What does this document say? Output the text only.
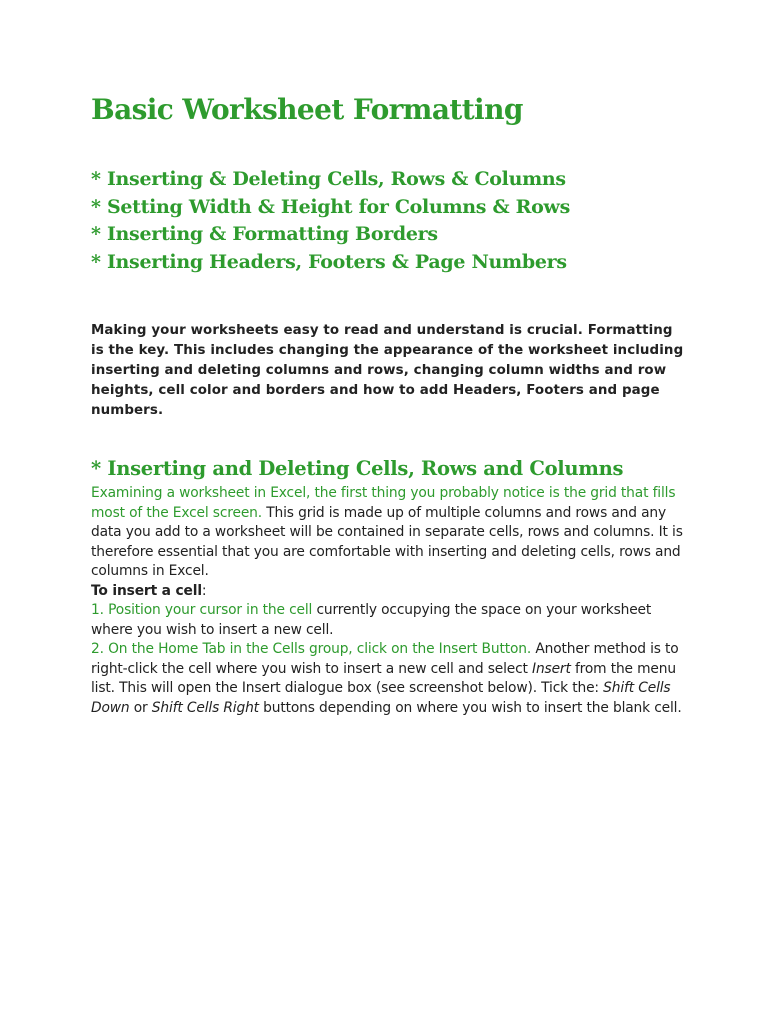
Basic Worksheet Formatting
* Inserting & Deleting Cells, Rows & Columns
* Setting Width & Height for Columns & Rows
* Inserting & Formatting Borders
* Inserting Headers, Footers & Page Numbers

Making your worksheets easy to read and understand is crucial. Formatting is the key. This includes changing the appearance of the worksheet including inserting and deleting columns and rows, changing column widths and row heights, cell color and borders and how to add Headers, Footers and page numbers.

* Inserting and Deleting Cells, Rows and Columns

Examining a worksheet in Excel, the first thing you probably notice is the grid that fills most of the Excel screen. This grid is made up of multiple columns and rows and any data you add to a worksheet will be contained in separate cells, rows and columns. It is therefore essential that you are comfortable with inserting and deleting cells, rows and columns in Excel.

To insert a cell:

1. Position your cursor in the cell currently occupying the space on your worksheet where you wish to insert a new cell.

2. On the Home Tab in the Cells group, click on the Insert Button. Another method is to right-click the cell where you wish to insert a new cell and select Insert from the menu list. This will open the Insert dialogue box (see screenshot below). Tick the: Shift Cells Down or Shift Cells Right buttons depending on where you wish to insert the blank cell.
